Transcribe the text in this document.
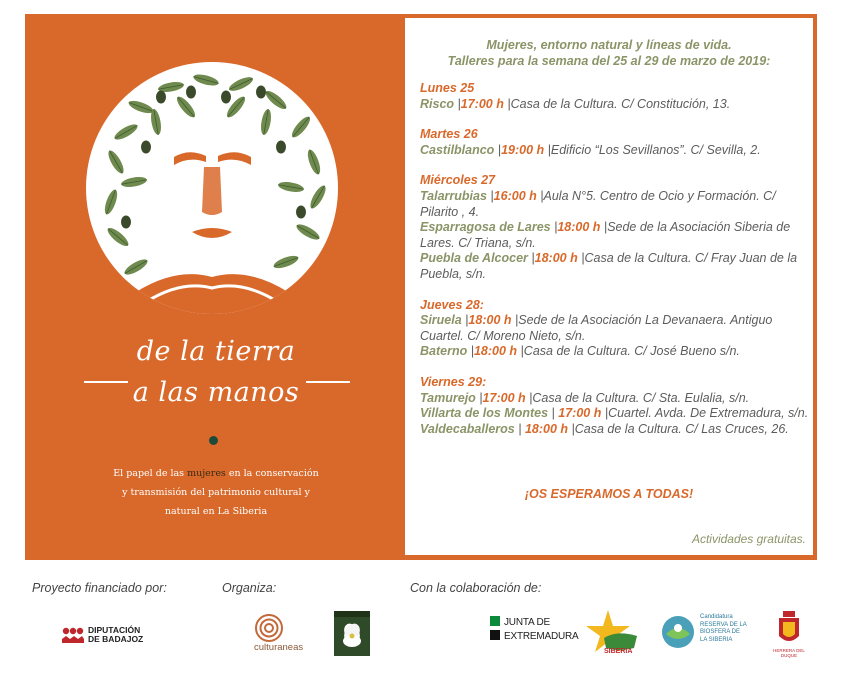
de la tierra
a las manos
El papel de las mujeres en la conservación y transmisión del patrimonio cultural y natural en La Siberia
Mujeres, entorno natural y líneas de vida.
Talleres para la semana del 25 al 29 de marzo de 2019:
Lunes 25
Risco |17:00 h |Casa de la Cultura. C/ Constitución, 13.
Martes 26
Castilblanco |19:00 h |Edificio “Los Sevillanos”. C/ Sevilla, 2.
Miércoles 27
Talarrubias |16:00 h |Aula N°5. Centro de Ocio y Formación. C/ Pilarito , 4.
Esparragosa de Lares |18:00 h |Sede de la Asociación Siberia de Lares. C/ Triana, s/n.
Puebla de Alcocer |18:00 h |Casa de la Cultura. C/ Fray Juan de la Puebla, s/n.
Jueves 28:
Siruela |18:00 h |Sede de la Asociación La Devanaera. Antiguo Cuartel. C/ Moreno Nieto, s/n.
Baterno |18:00 h |Casa de la Cultura. C/ José Bueno s/n.
Viernes 29:
Tamurejo |17:00 h |Casa de la Cultura. C/ Sta. Eulalia, s/n.
Villarta de los Montes | 17:00 h |Cuartel. Avda. De Extremadura, s/n.
Valdecaballeros | 18:00 h |Casa de la Cultura. C/ Las Cruces, 26.
¡OS ESPERAMOS A TODAS!
Actividades gratuitas.
Proyecto financiado por:	Organiza:	Con la colaboración de:
DIPUTACIÓN
DE BADAJOZ
culturaneas
JUNTA DE
EXTREMADURA
SIBERIA
Candidatura
RESERVA DE LA
BIOSFERA DE
LA SIBERIA
HERRERA DEL DUQUE
